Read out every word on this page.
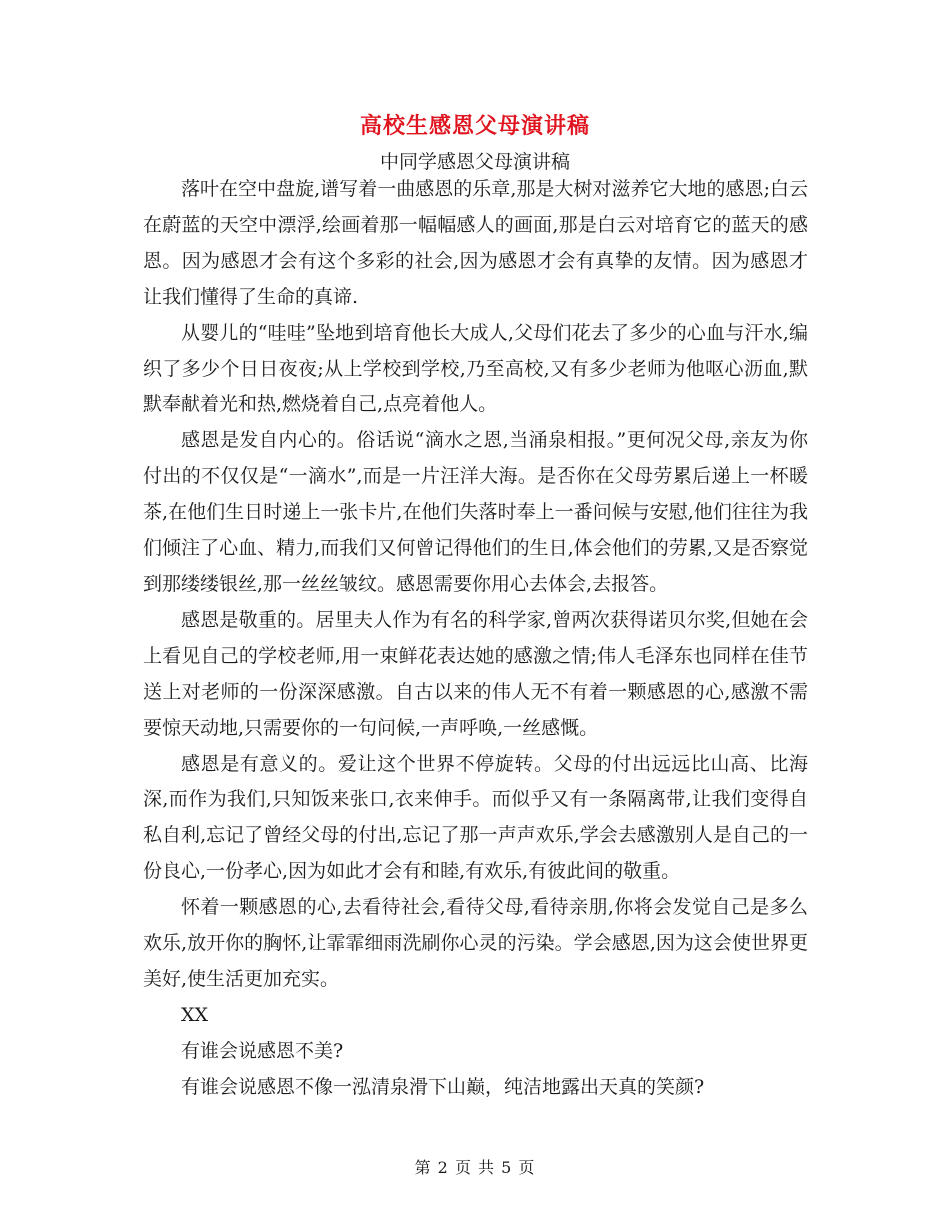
高校生感恩父母演讲稿
中同学感恩父母演讲稿

落叶在空中盘旋,谱写着一曲感恩的乐章,那是大树对滋养它大地的感恩;白云在蔚蓝的天空中漂浮,绘画着那一幅幅感人的画面,那是白云对培育它的蓝天的感恩。因为感恩才会有这个多彩的社会,因为感恩才会有真挚的友情。因为感恩才让我们懂得了生命的真谛.

从婴儿的“哇哇”坠地到培育他长大成人,父母们花去了多少的心血与汗水,编织了多少个日日夜夜;从上学校到学校,乃至高校,又有多少老师为他呕心沥血,默默奉献着光和热,燃烧着自己,点亮着他人。

感恩是发自内心的。俗话说“滴水之恩,当涌泉相报。”更何况父母,亲友为你付出的不仅仅是“一滴水”,而是一片汪洋大海。是否你在父母劳累后递上一杯暖茶,在他们生日时递上一张卡片,在他们失落时奉上一番问候与安慰,他们往往为我们倾注了心血、精力,而我们又何曾记得他们的生日,体会他们的劳累,又是否察觉到那缕缕银丝,那一丝丝皱纹。感恩需要你用心去体会,去报答。

感恩是敬重的。居里夫人作为有名的科学家,曾两次获得诺贝尔奖,但她在会上看见自己的学校老师,用一束鲜花表达她的感激之情;伟人毛泽东也同样在佳节送上对老师的一份深深感激。自古以来的伟人无不有着一颗感恩的心,感激不需要惊天动地,只需要你的一句问候,一声呼唤,一丝感慨。

感恩是有意义的。爱让这个世界不停旋转。父母的付出远远比山高、比海深,而作为我们,只知饭来张口,衣来伸手。而似乎又有一条隔离带,让我们变得自私自利,忘记了曾经父母的付出,忘记了那一声声欢乐,学会去感激别人是自己的一份良心,一份孝心,因为如此才会有和睦,有欢乐,有彼此间的敬重。

怀着一颗感恩的心,去看待社会,看待父母,看待亲朋,你将会发觉自己是多么欢乐,放开你的胸怀,让霏霏细雨洗刷你心灵的污染。学会感恩,因为这会使世界更美好,使生活更加充实。

XX

有谁会说感恩不美?

有谁会说感恩不像一泓清泉滑下山巅，纯洁地露出天真的笑颜?

第 2 页 共 5 页
